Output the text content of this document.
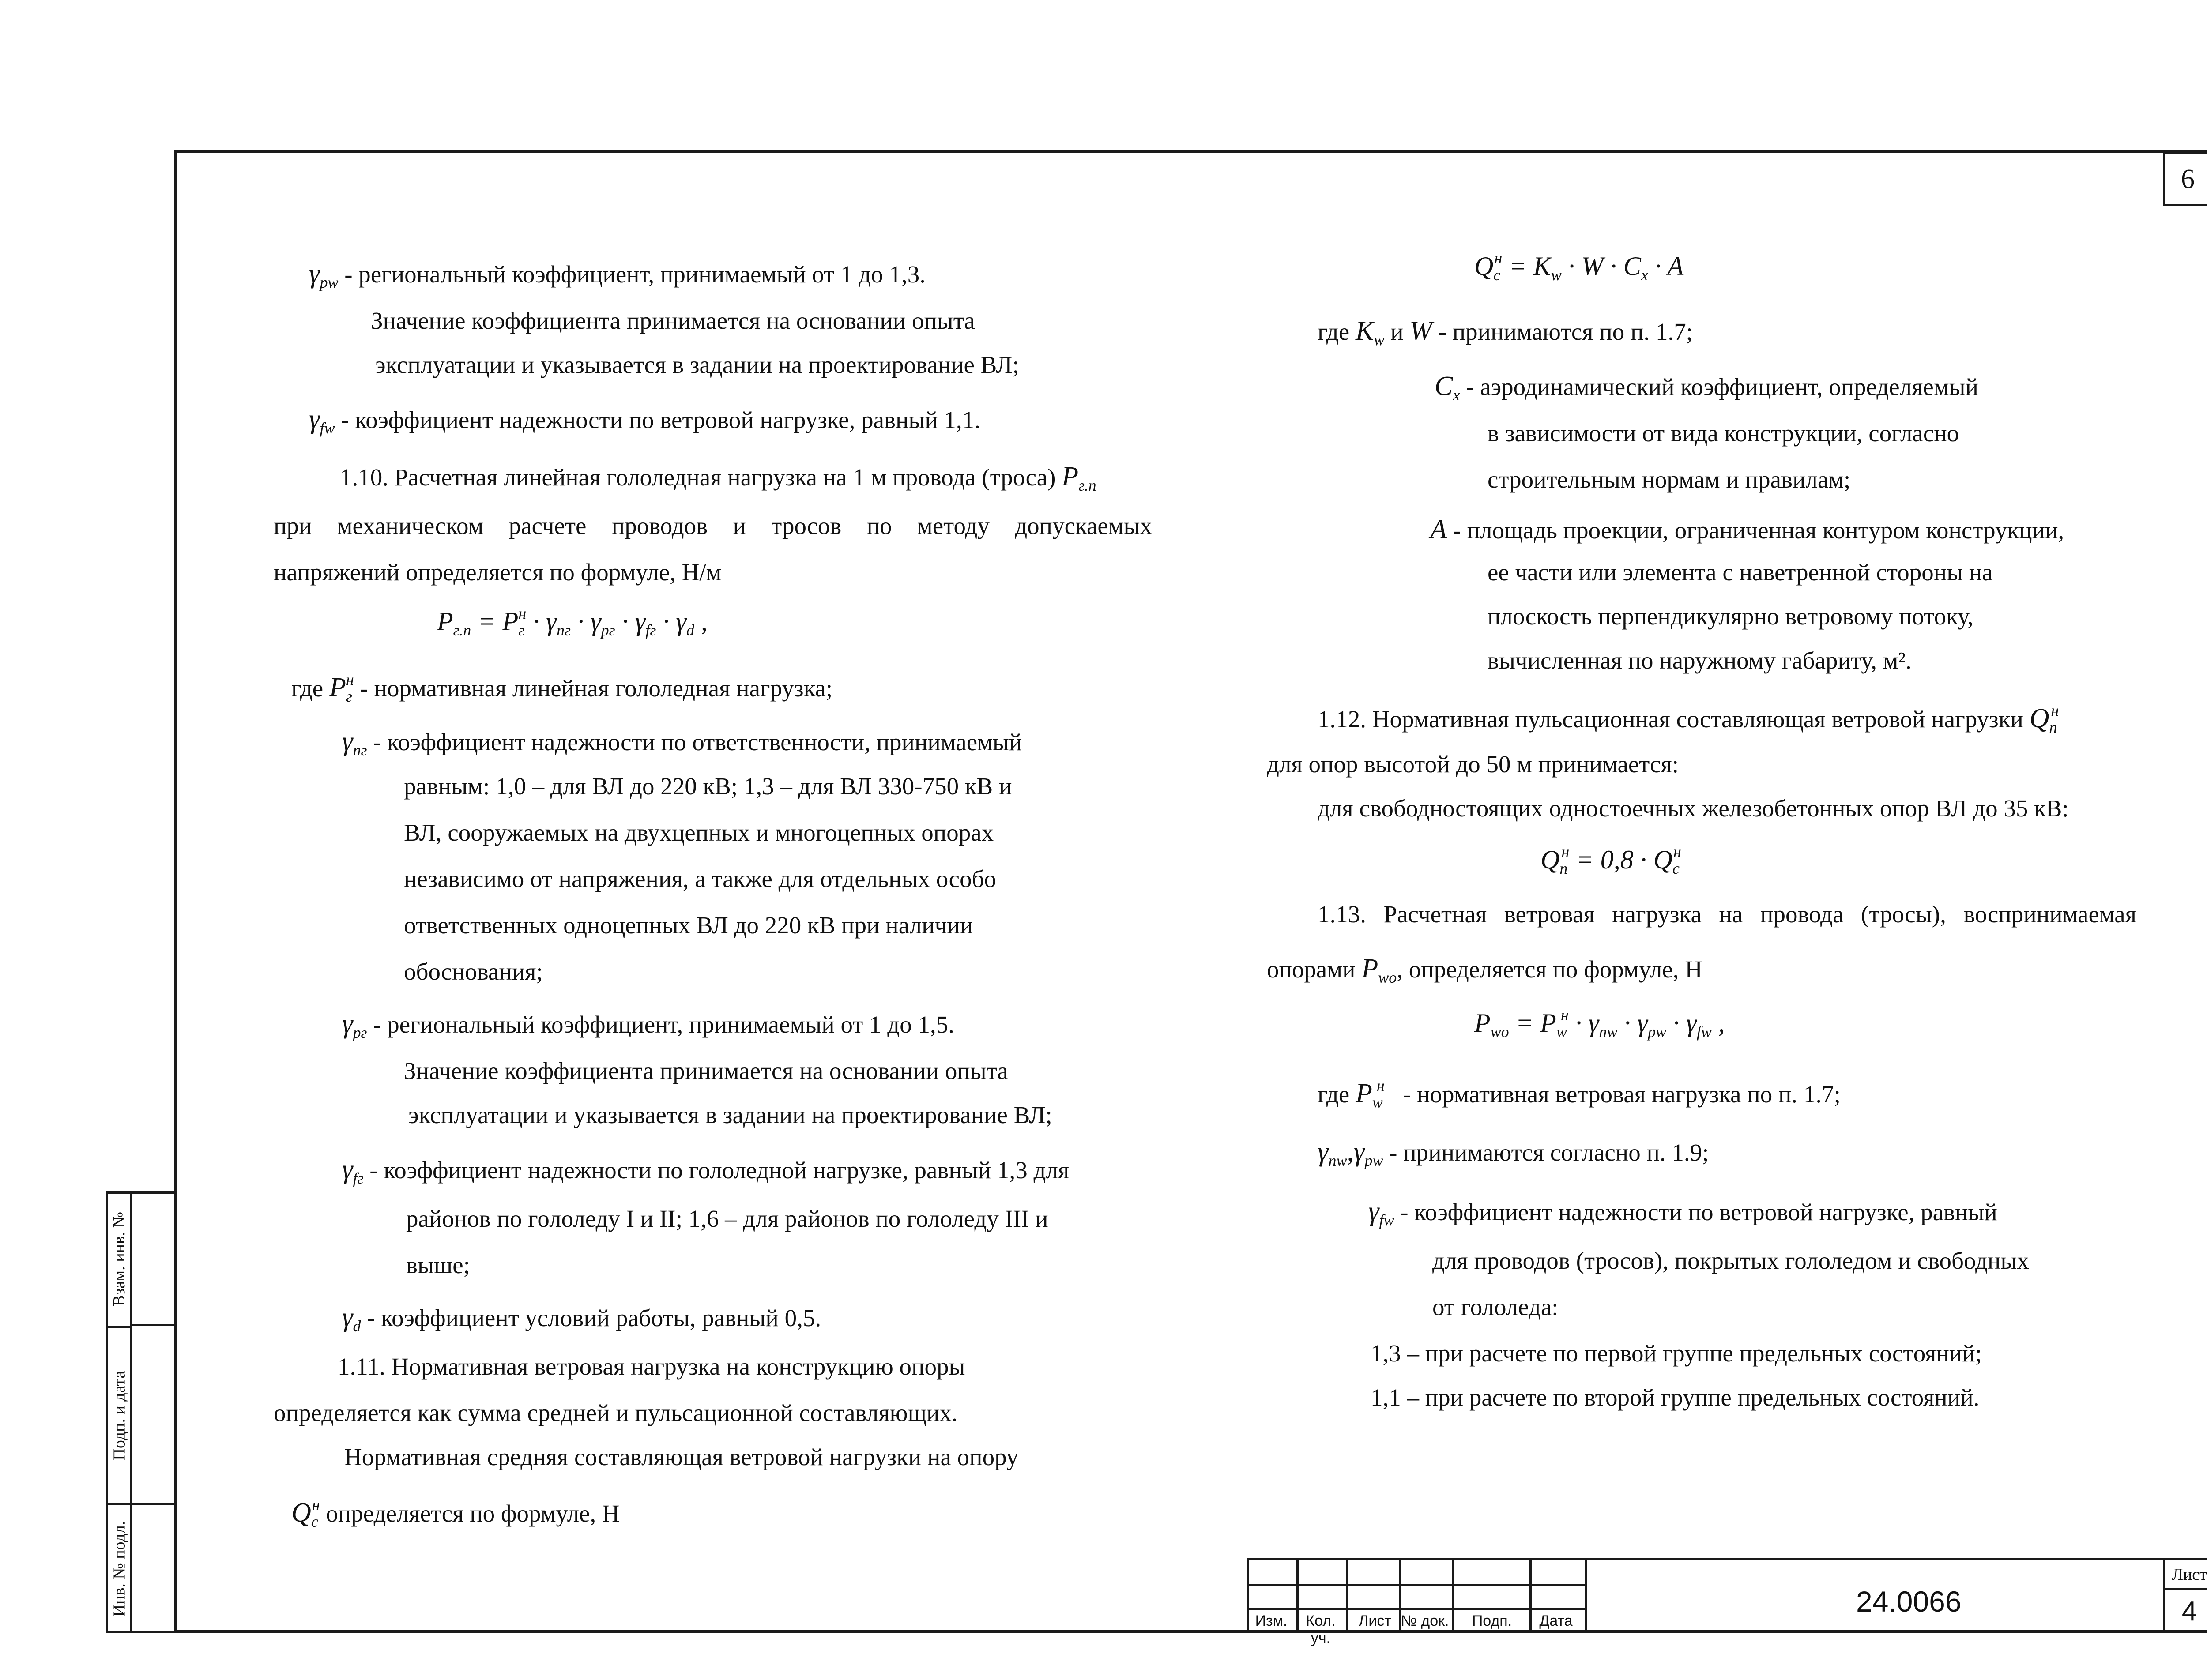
6
$\gamma_{pw}$ - региональный коэффициент, принимаемый от 1 до 1,3.
Значение коэффициента принимается на основании опыта
эксплуатации и указывается в задании на проектирование ВЛ;
$\gamma_{fw}$ - коэффициент надежности по ветровой нагрузке, равный 1,1.
1.10. Расчетная линейная гололедная нагрузка на 1 м провода (троса) $P_{г.п}$
при механическом расчете проводов и тросов по методу допускаемых
напряжений определяется по формуле, Н/м
$P_{г.п} = P_г^н \cdot \gamma_{nг} \cdot \gamma_{pг} \cdot \gamma_{fг} \cdot \gamma_d$ ,
где $P_г^н$ - нормативная линейная гололедная нагрузка;
$\gamma_{nг}$ - коэффициент надежности по ответственности, принимаемый
равным: 1,0 – для ВЛ до 220 кВ; 1,3 – для ВЛ 330-750 кВ и
ВЛ, сооружаемых на двухцепных и многоцепных опорах
независимо от напряжения, а также для отдельных особо
ответственных одноцепных ВЛ до 220 кВ при наличии
обоснования;
$\gamma_{pг}$ - региональный коэффициент, принимаемый от 1 до 1,5.
Значение коэффициента принимается на основании опыта
эксплуатации и указывается в задании на проектирование ВЛ;
$\gamma_{fг}$ - коэффициент надежности по гололедной нагрузке, равный 1,3 для
районов по гололеду I и II; 1,6 – для районов по гололеду III и
выше;
$\gamma_d$ - коэффициент условий работы, равный 0,5.
1.11. Нормативная ветровая нагрузка на конструкцию опоры
определяется как сумма средней и пульсационной составляющих.
Нормативная средняя составляющая ветровой нагрузки на опору
$Q_c^н$ определяется по формуле, Н
$Q_c^н = K_w \cdot W \cdot C_x \cdot A$
где $K_w$ и W - принимаются по п. 1.7;
$C_x$ - аэродинамический коэффициент, определяемый
в зависимости от вида конструкции, согласно
строительным нормам и правилам;
A - площадь проекции, ограниченная контуром конструкции,
ее части или элемента с наветренной стороны на
плоскость перпендикулярно ветровому потоку,
вычисленная по наружному габариту, м².
1.12. Нормативная пульсационная составляющая ветровой нагрузки $Q_п^н$
для опор высотой до 50 м принимается:
для свободностоящих одностоечных железобетонных опор ВЛ до 35 кВ:
$Q_п^н = 0,8 \cdot Q_c^н$
1.13. Расчетная ветровая нагрузка на провода (тросы), воспринимаемая
опорами $P_{wo}$, определяется по формуле, Н
$P_{wo} = P_w^н \cdot \gamma_{nw} \cdot \gamma_{pw} \cdot \gamma_{fw}$ ,
где $P_w^н$ - нормативная ветровая нагрузка по п. 1.7;
$\gamma_{nw},\gamma_{pw}$ - принимаются согласно п. 1.9;
$\gamma_{fw}$ - коэффициент надежности по ветровой нагрузке, равный
для проводов (тросов), покрытых гололедом и свободных
от гололеда:
1,3 – при расчете по первой группе предельных состояний;
1,1 – при расчете по второй группе предельных состояний.
Взам. инв. №
Подп. и дата
Инв. № подл.
Изм.	Кол. уч.
Лист № док. Подп.	Дата
24.0066
Лист
4
